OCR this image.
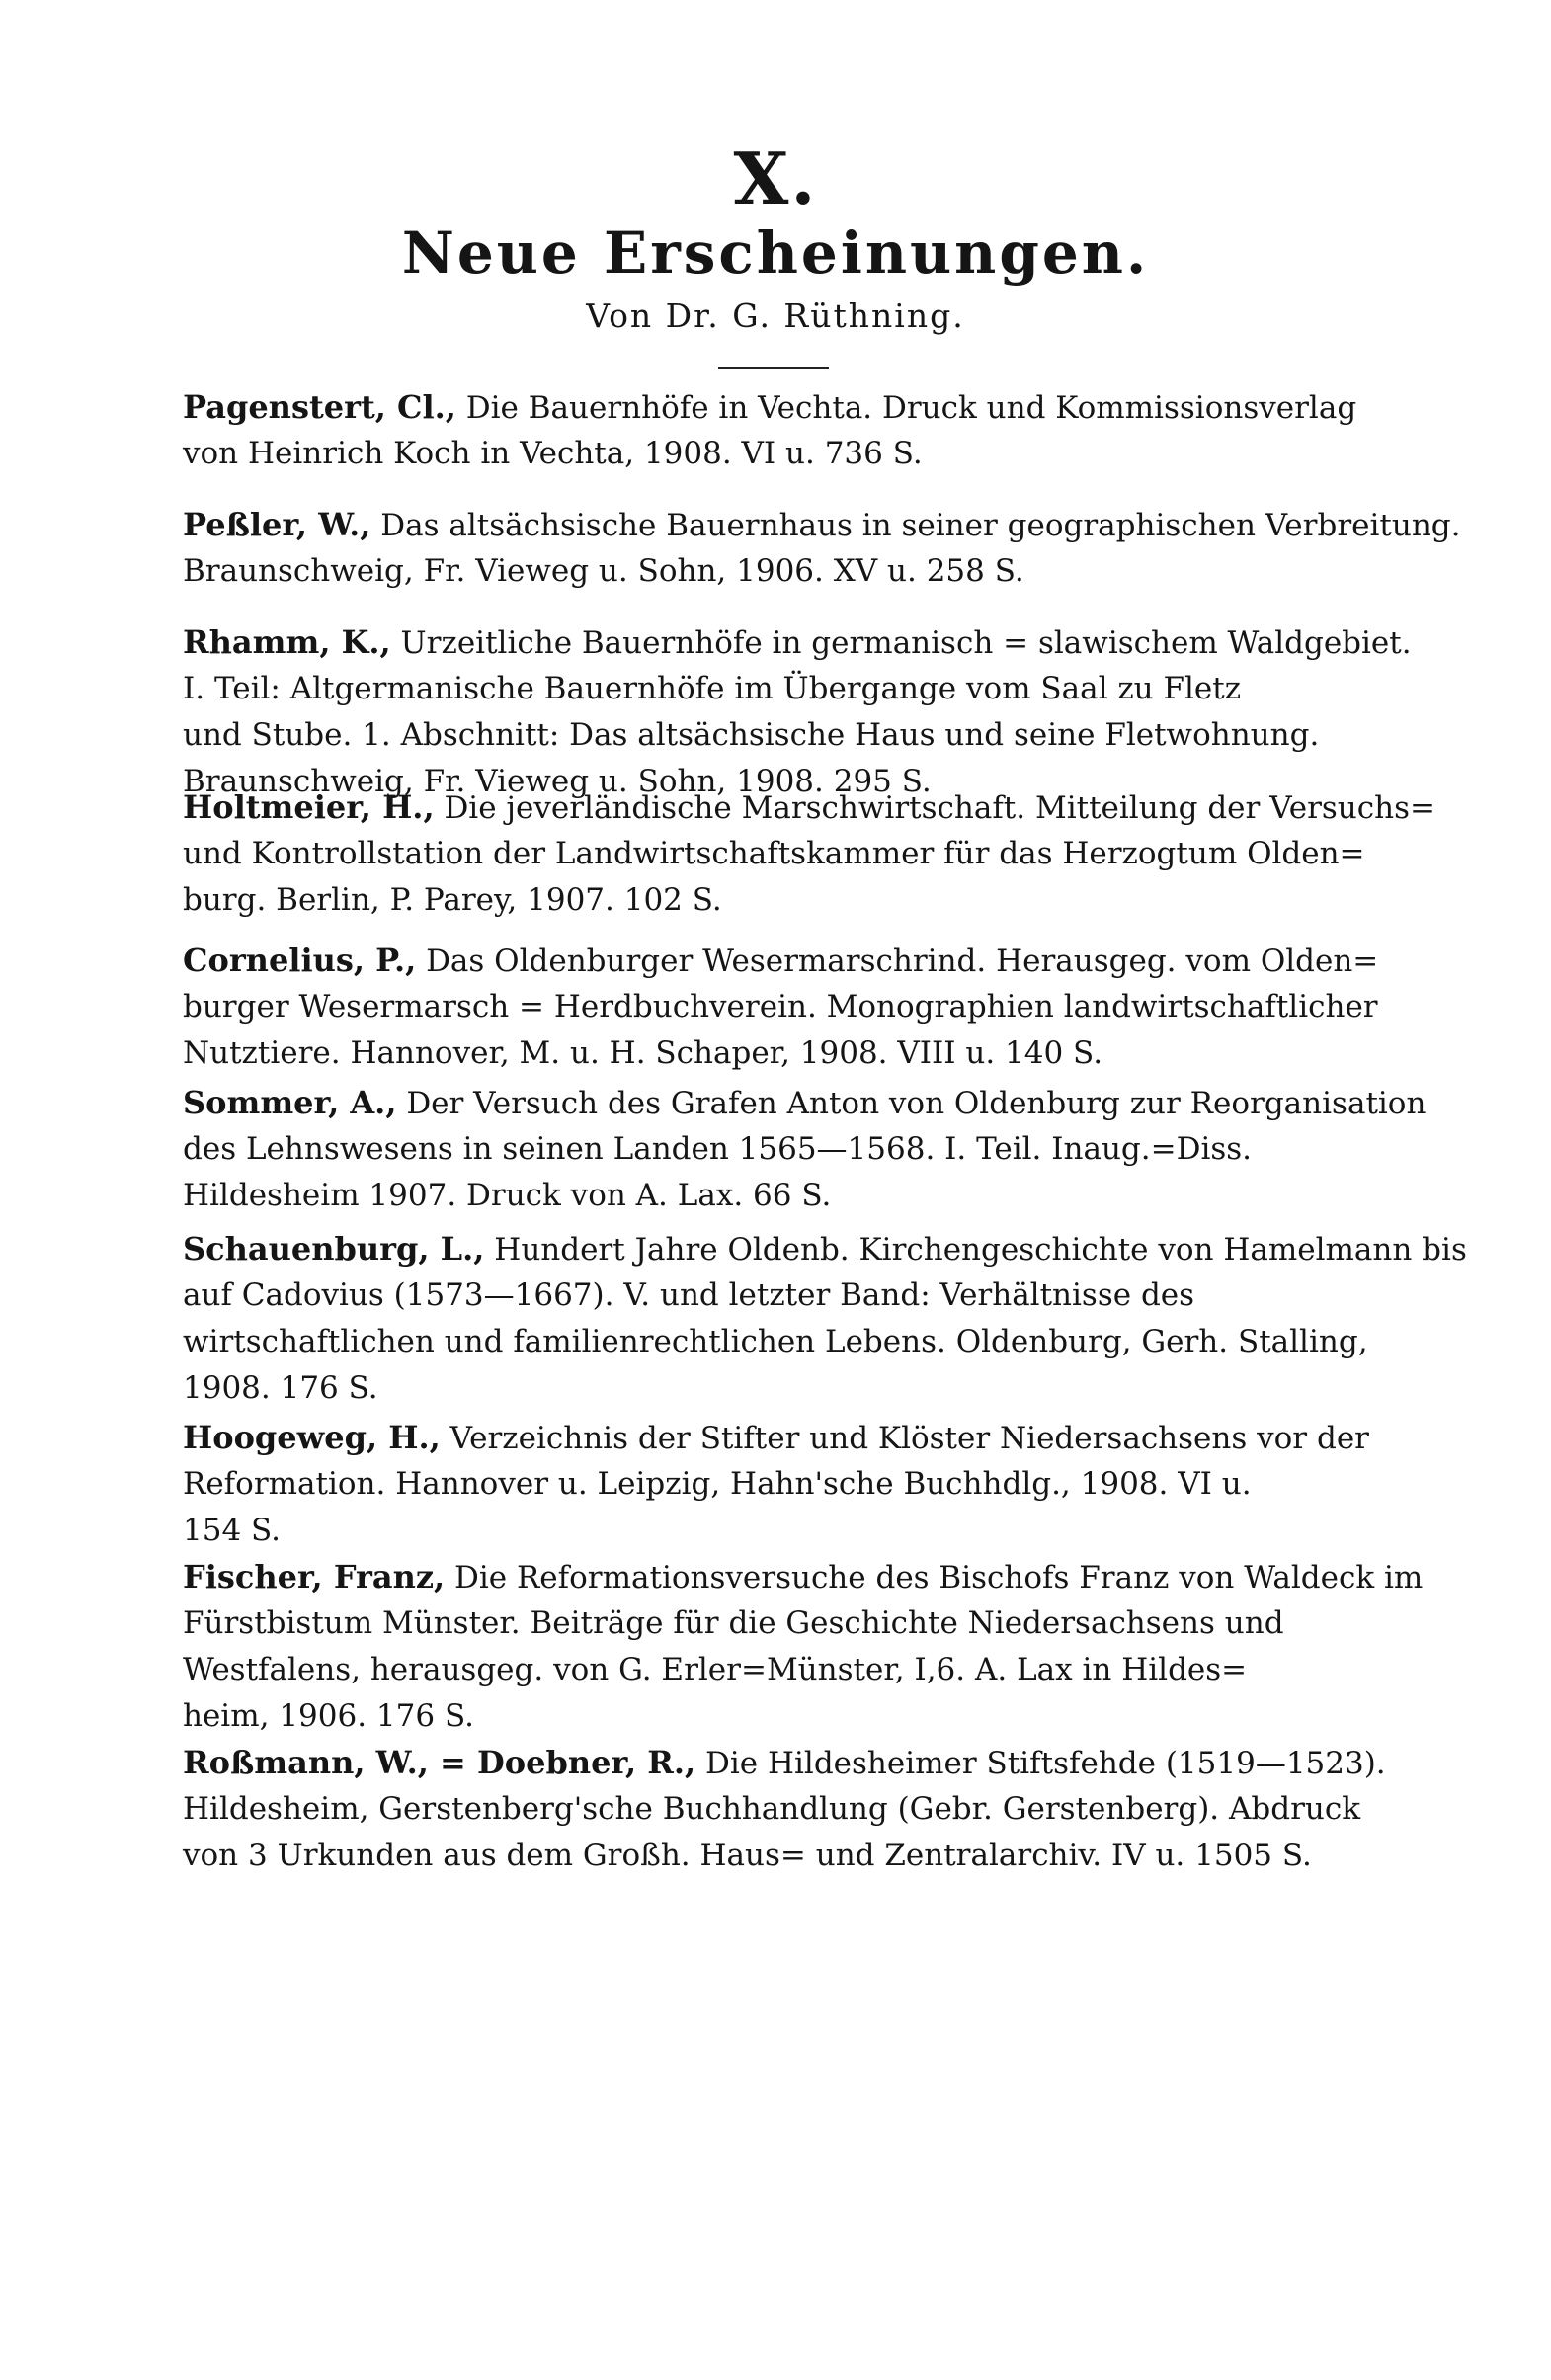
X.
Neue Erscheinungen.
Von Dr. G. Rüthning.
Pagenstert, Cl., Die Bauernhöfe in Vechta. Druck und Kommissionsverlag
von Heinrich Koch in Vechta, 1908. VI u. 736 S.
Peßler, W., Das altsächsische Bauernhaus in seiner geographischen Verbreitung.
Braunschweig, Fr. Vieweg u. Sohn, 1906. XV u. 258 S.
Rhamm, K., Urzeitliche Bauernhöfe in germanisch = slawischem Waldgebiet.
I. Teil: Altgermanische Bauernhöfe im Übergange vom Saal zu Fletz
und Stube. 1. Abschnitt: Das altsächsische Haus und seine Fletwohnung.
Braunschweig, Fr. Vieweg u. Sohn, 1908. 295 S.
Holtmeier, H., Die jeverländische Marschwirtschaft. Mitteilung der Versuchs=
und Kontrollstation der Landwirtschaftskammer für das Herzogtum Olden=
burg. Berlin, P. Parey, 1907. 102 S.
Cornelius, P., Das Oldenburger Wesermarschrind. Herausgeg. vom Olden=
burger Wesermarsch = Herdbuchverein. Monographien landwirtschaftlicher
Nutztiere. Hannover, M. u. H. Schaper, 1908. VIII u. 140 S.
Sommer, A., Der Versuch des Grafen Anton von Oldenburg zur Reorganisation
des Lehnswesens in seinen Landen 1565—1568. I. Teil. Inaug.=Diss.
Hildesheim 1907. Druck von A. Lax. 66 S.
Schauenburg, L., Hundert Jahre Oldenb. Kirchengeschichte von Hamelmann bis
auf Cadovius (1573—1667). V. und letzter Band: Verhältnisse des
wirtschaftlichen und familienrechtlichen Lebens. Oldenburg, Gerh. Stalling,
1908. 176 S.
Hoogeweg, H., Verzeichnis der Stifter und Klöster Niedersachsens vor der
Reformation. Hannover u. Leipzig, Hahn'sche Buchhdlg., 1908. VI u.
154 S.
Fischer, Franz, Die Reformationsversuche des Bischofs Franz von Waldeck im
Fürstbistum Münster. Beiträge für die Geschichte Niedersachsens und
Westfalens, herausgeg. von G. Erler=Münster, I,6. A. Lax in Hildes=
heim, 1906. 176 S.
Roßmann, W., = Doebner, R., Die Hildesheimer Stiftsfehde (1519—1523).
Hildesheim, Gerstenberg'sche Buchhandlung (Gebr. Gerstenberg). Abdruck
von 3 Urkunden aus dem Großh. Haus= und Zentralarchiv. IV u. 1505 S.
